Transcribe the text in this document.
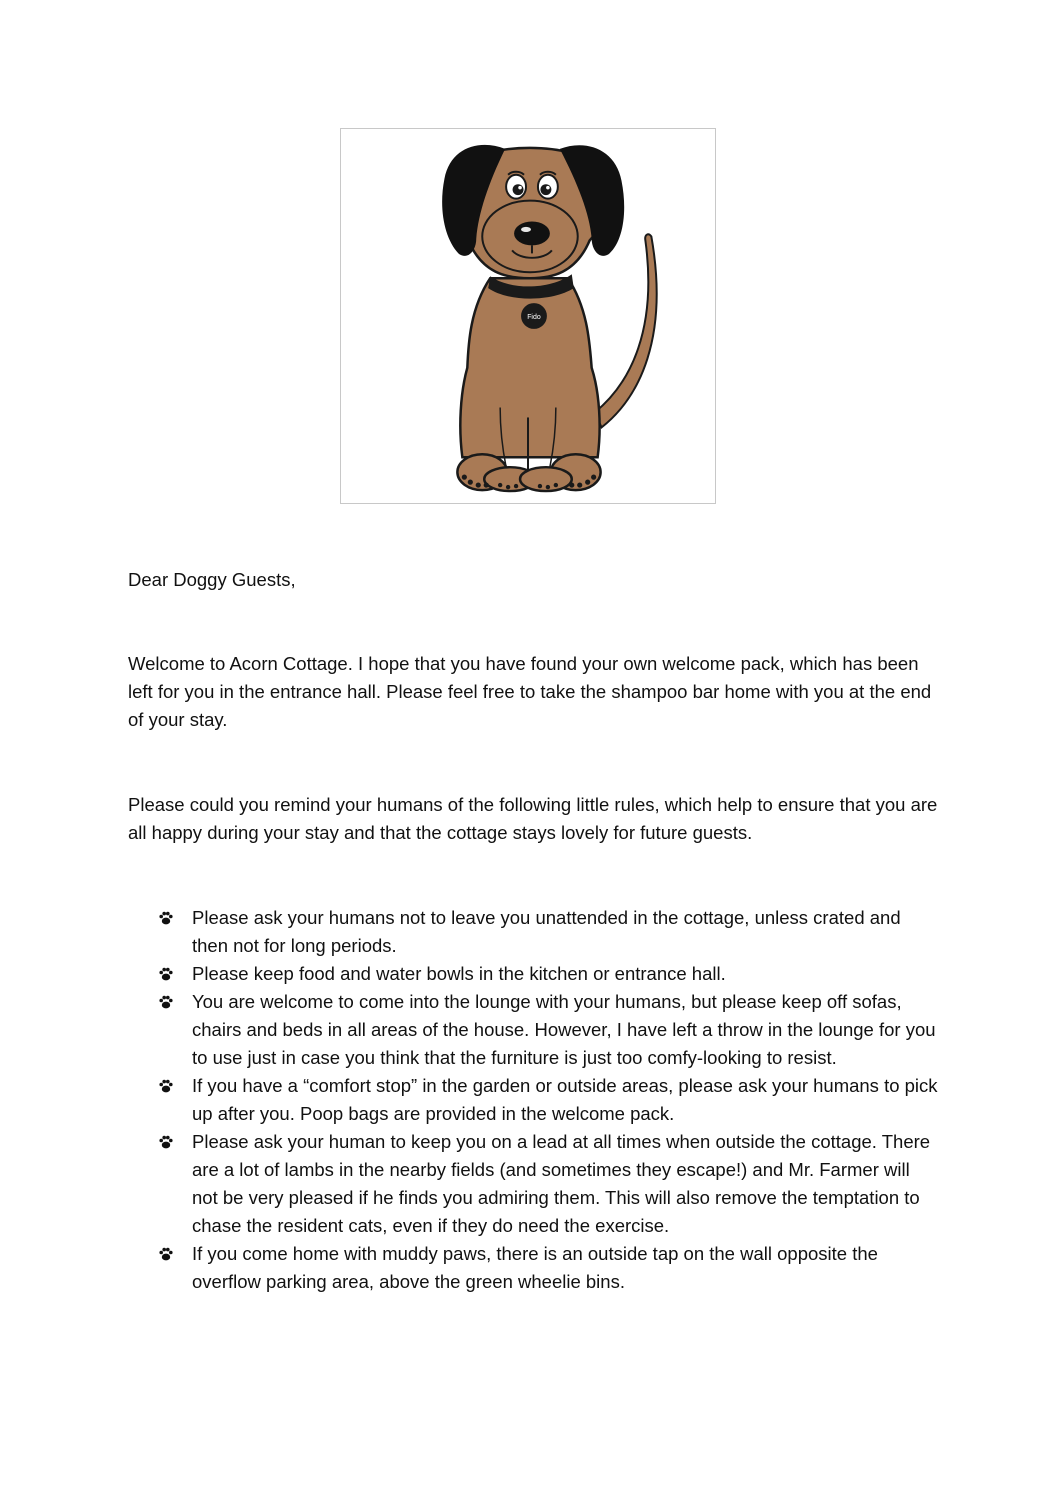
Fido

Dear Doggy Guests,

Welcome to Acorn Cottage. I hope that you have found your own welcome pack, which has been left for you in the entrance hall. Please feel free to take the shampoo bar home with you at the end of your stay.

Please could you remind your humans of the following little rules, which help to ensure that you are all happy during your stay and that the cottage stays lovely for future guests.

Please ask your humans not to leave you unattended in the cottage, unless crated and then not for long periods.
Please keep food and water bowls in the kitchen or entrance hall.
You are welcome to come into the lounge with your humans, but please keep off sofas, chairs and beds in all areas of the house. However, I have left a throw in the lounge for you to use just in case you think that the furniture is just too comfy-looking to resist.
If you have a “comfort stop” in the garden or outside areas, please ask your humans to pick up after you. Poop bags are provided in the welcome pack.
Please ask your human to keep you on a lead at all times when outside the cottage. There are a lot of lambs in the nearby fields (and sometimes they escape!) and Mr. Farmer will not be very pleased if he finds you admiring them. This will also remove the temptation to chase the resident cats, even if they do need the exercise.
If you come home with muddy paws, there is an outside tap on the wall opposite the overflow parking area, above the green wheelie bins.
